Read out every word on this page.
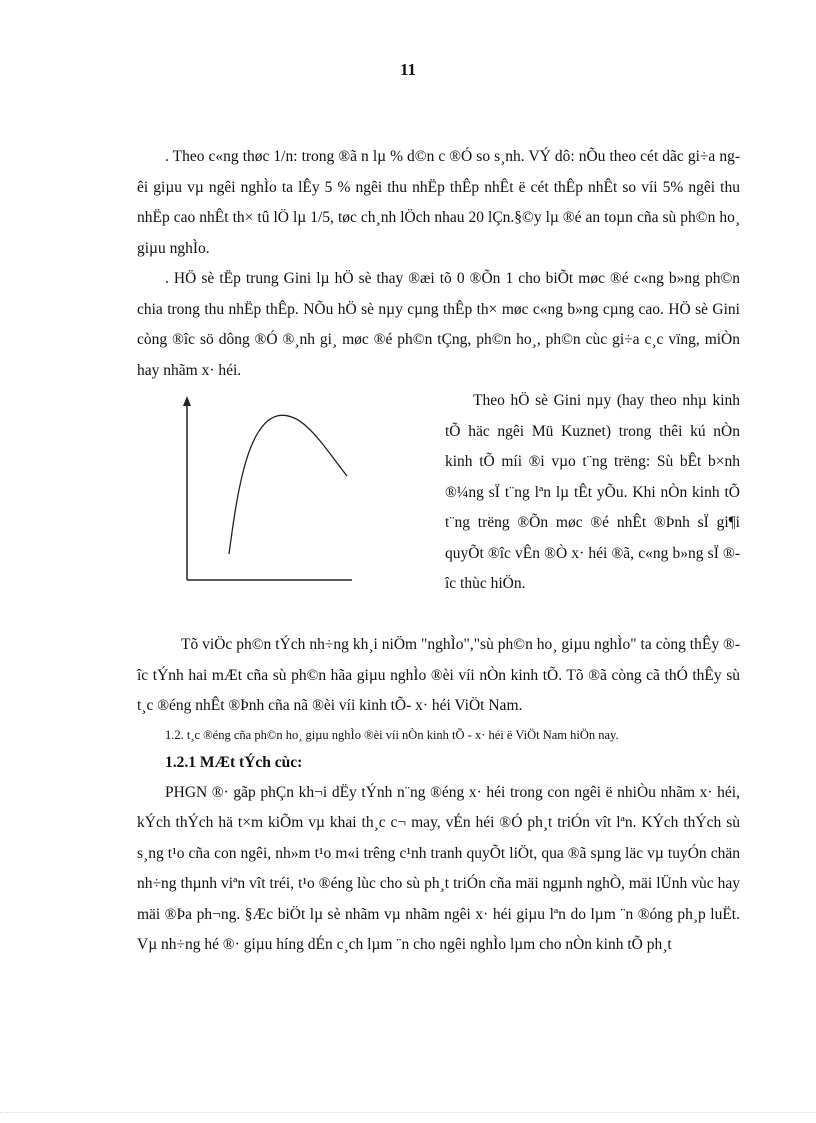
11

. Theo c«ng thøc 1/n: trong ®ã n lµ % d©n c ®Ó so s¸nh. VÝ dô: nÕu theo cét dãc gi÷a ngêi giµu vµ ngêi nghÌo ta lÊy 5 % ngêi thu nhËp thÊp nhÊt ë cét thÊp nhÊt so víi 5% ngêi thu nhËp cao nhÊt th× tû lÖ lµ 1/5, tøc ch¸nh lÖch nhau 20 lÇn.§©y lµ ®é an toµn cña sù ph©n ho¸ giµu nghÌo.

. HÖ sè tËp trung Gini lµ hÖ sè thay ®æi tõ 0 ®Õn 1 cho biÕt møc ®é c«ng b»ng ph©n chia trong thu nhËp thÊp. NÕu hÖ sè nµy cµng thÊp th× møc c«ng b»ng cµng cao. HÖ sè Gini còng ®îc sö dông ®Ó ®¸nh gi¸ møc ®é ph©n tÇng, ph©n ho¸, ph©n cùc gi÷a c¸c vïng, miÒn hay nhãm x· héi.

Theo hÖ sè Gini nµy (hay theo nhµ kinh tÕ häc ngêi Mü Kuznet) trong thêi kú nÒn kinh tÕ míi ®i vµo t¨ng trëng: Sù bÊt b×nh ®¼ng sÏ t¨ng lªn lµ tÊt yÕu. Khi nÒn kinh tÕ t¨ng trëng ®Õn møc ®é nhÊt ®Þnh sÏ gi¶i quyÕt ®îc vÊn ®Ò x· héi ®ã, c«ng b»ng sÏ ®îc thùc hiÖn.

Tõ viÖc ph©n tÝch nh÷ng kh¸i niÖm "nghÌo","sù ph©n ho¸ giµu nghÌo" ta còng thÊy ®îc tÝnh hai mÆt cña sù ph©n hãa giµu nghÌo ®èi víi nÒn kinh tÕ. Tõ ®ã còng cã thÓ thÊy sù t¸c ®éng nhÊt ®Þnh cña nã ®èi víi kinh tÕ- x· héi ViÖt Nam.

1.2. t¸c ®éng cña ph©n ho¸ giµu nghÌo ®èi víi nÒn kinh tÕ - x· héi ë ViÖt Nam hiÖn nay.

1.2.1 MÆt tÝch cùc:

PHGN ®· gãp phÇn kh¬i dËy tÝnh n¨ng ®éng x· héi trong con ngêi ë nhiÒu nhãm x· héi, kÝch thÝch hä t×m kiÕm vµ khai th¸c c¬ may, vÉn héi ®Ó ph¸t triÓn vît lªn. KÝch thÝch sù s¸ng t¹o cña con ngêi, nh»m t¹o m«i trêng c¹nh tranh quyÕt liÖt, qua ®ã sµng läc vµ tuyÓn chän nh÷ng thµnh viªn vît tréi, t¹o ®éng lùc cho sù ph¸t triÓn cña mäi ngµnh nghÒ, mäi lÜnh vùc hay mäi ®Þa ph¬ng. §Æc biÖt lµ sè nhãm vµ nhãm ngêi x· héi giµu lªn do lµm ¨n ®óng ph¸p luËt. Vµ nh÷ng hé ®· giµu híng dÉn c¸ch lµm ¨n cho ngêi nghÌo lµm cho nÒn kinh tÕ ph¸t
